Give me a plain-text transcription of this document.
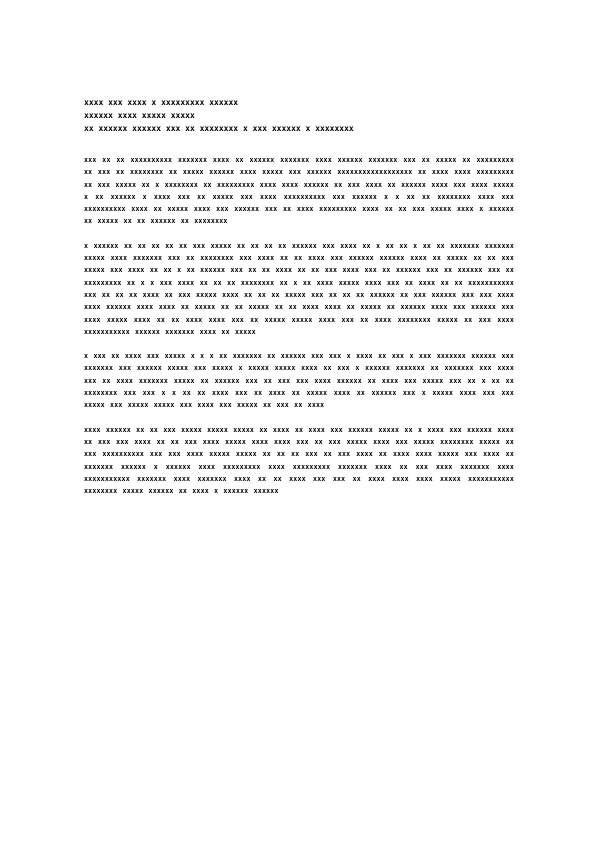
xxxx xxx xxxx x xxxxxxxxx xxxxxx
xxxxxx xxxx xxxxx xxxxx
xx xxxxxx xxxxxx xxx xx xxxxxxxx x xxx xxxxxx x xxxxxxxx

xxx xx xx xxxxxxxxxx xxxxxxx xxxx xx xxxxxx xxxxxxx xxxx xxxxxx xxxxxxx xxx xx xxxxx xx xxxxxxxxx xx xxx xx xxxxxxxx xx xxxxx xxxxxx xxxx xxxxx xxx xxxxxx xxxxxxxxxxxxxxxxxx xx xxxx xxxx xxxxxxxxx xx xxx xxxxx xx x xxxxxxxx xx xxxxxxxxx xxxx xxxx xxxxxx xx xxx xxxx xx xxxxxx xxxx xxx xxxx xxxxx x xx xxxxxx x xxxx xxx xx xxxxx xxx xxxx xxxxxxxxxx xxx xxxxxx x x xx xx xxxxxxxx xxxx xxx xxxxxxxxxx xxxx xx xxxxx xxxx xxx xxxxxx xxx xx xxxx xxxxxxxxx xxxx xx xx xxx xxxxx xxxx x xxxxxx xx xxxxx xx xx xxxxxx xx xxxxxxxx

x xxxxxx xx xx xx xx xx xxx xxxxx xx xx xx xx xxxxxx xxx xxxx xx x xx xx x xx xx xxxxxxx xxxxxxx xxxxx xxxx xxxxxxx xxx xx xxxxxxxx xxx xxxx xx xx xxxx xxx xxxxxx xxxxxx xxxx xx xxxxx xx xx xxx xxxxx xxx xxxx xx xx x xx xxxxxx xxx xx xx xxxx xx xx xxx xxxx xxx xx xxxxxx xxx xx xxxxxx xxx xx xxxxxxxxx xx x x xxx xxxx xx xx xx xxxxxxxx xx x xx xxxx xxxxx xxxx xxx xx xxxx xx xx xxxxxxxxxxx xxx xx xx xx xxxx xx xxx xxxxx xxxx xx xx xx xxxxx xxx xx xx xx xxxxxx xx xxx xxxxxx xxx xxx xxxx xxxx xxxxxx xxxx xxxx xx xxxxx xx xx xxxxx xx xx xxxx xxxx xx xxxxx xx xxxxxx xxxx xxx xxxxxx xxx xxxx xxxxx xxxx xx xx xxxx xxxx xxx xx xxxxx xxxxx xxxx xxx xx xxxx xxxxxxxx xxxxx xx xxx xxxx xxxxxxxxxxx xxxxxx xxxxxxx xxxx xx xxxxx

x xxx xx xxxx xxx xxxxx x x x xx xxxxxxx xx xxxxxx xxx xxx x xxxx xx xxx x xxx xxxxxxx xxxxxx xxx xxxxxxx xxx xxxxxx xxxxx xxx xxxxx x xxxxx xxxxx xxxx xx xxx x xxxxxx xxxxxxx xx xxxxxxx xxx xxxx xxx xx xxxx xxxxxxx xxxxx xx xxxxxx xxx xx xxx xxx xxxx xxxxxx xx xxxx xxx xxxxx xxx xx x xx xx xxxxxxxx xxx xxx x x xx xx xxxx xxx xx xxxx xx xxxxx xxxx xx xxxxxx xxx x xxxxx xxxx xxx xxx xxxxx xxx xxxxx xxxxx xxx xxxx xxx xxxxx xx xxx xx xxxx

xxxx xxxxxx xx xx xxx xxxxx xxxxx xxxxx xx xxxx xx xxxx xxx xxxxxx xxxxx xx x xxxx xxx xxxxxx xxxx xx xxx xxx xxxx xx xx xxx xxxx xxxxx xxxx xxxx xxx xx xxx xxxxx xxxx xxx xxxxx xxxxxxxx xxxxx xx xxx xxxxxxxxxx xxx xxx xxxx xxxxx xxxxx xx xx xx xxx xx xxx xxxx xx xxxx xxxx xxxxx xxx xxxx xx xxxxxxx xxxxxx x xxxxxx xxxx xxxxxxxxx xxxx xxxxxxxxx xxxxxxx xxxx xx xxx xxxx xxxxxxx xxxx xxxxxxxxxxx xxxxxxx xxxx xxxxxxx xxxx xx xx xxxx xxx xxx xx xxxx xxxx xxxx xxxxx xxxxxxxxxxx xxxxxxxx xxxxx xxxxxx xx xxxx x xxxxxx xxxxxx
